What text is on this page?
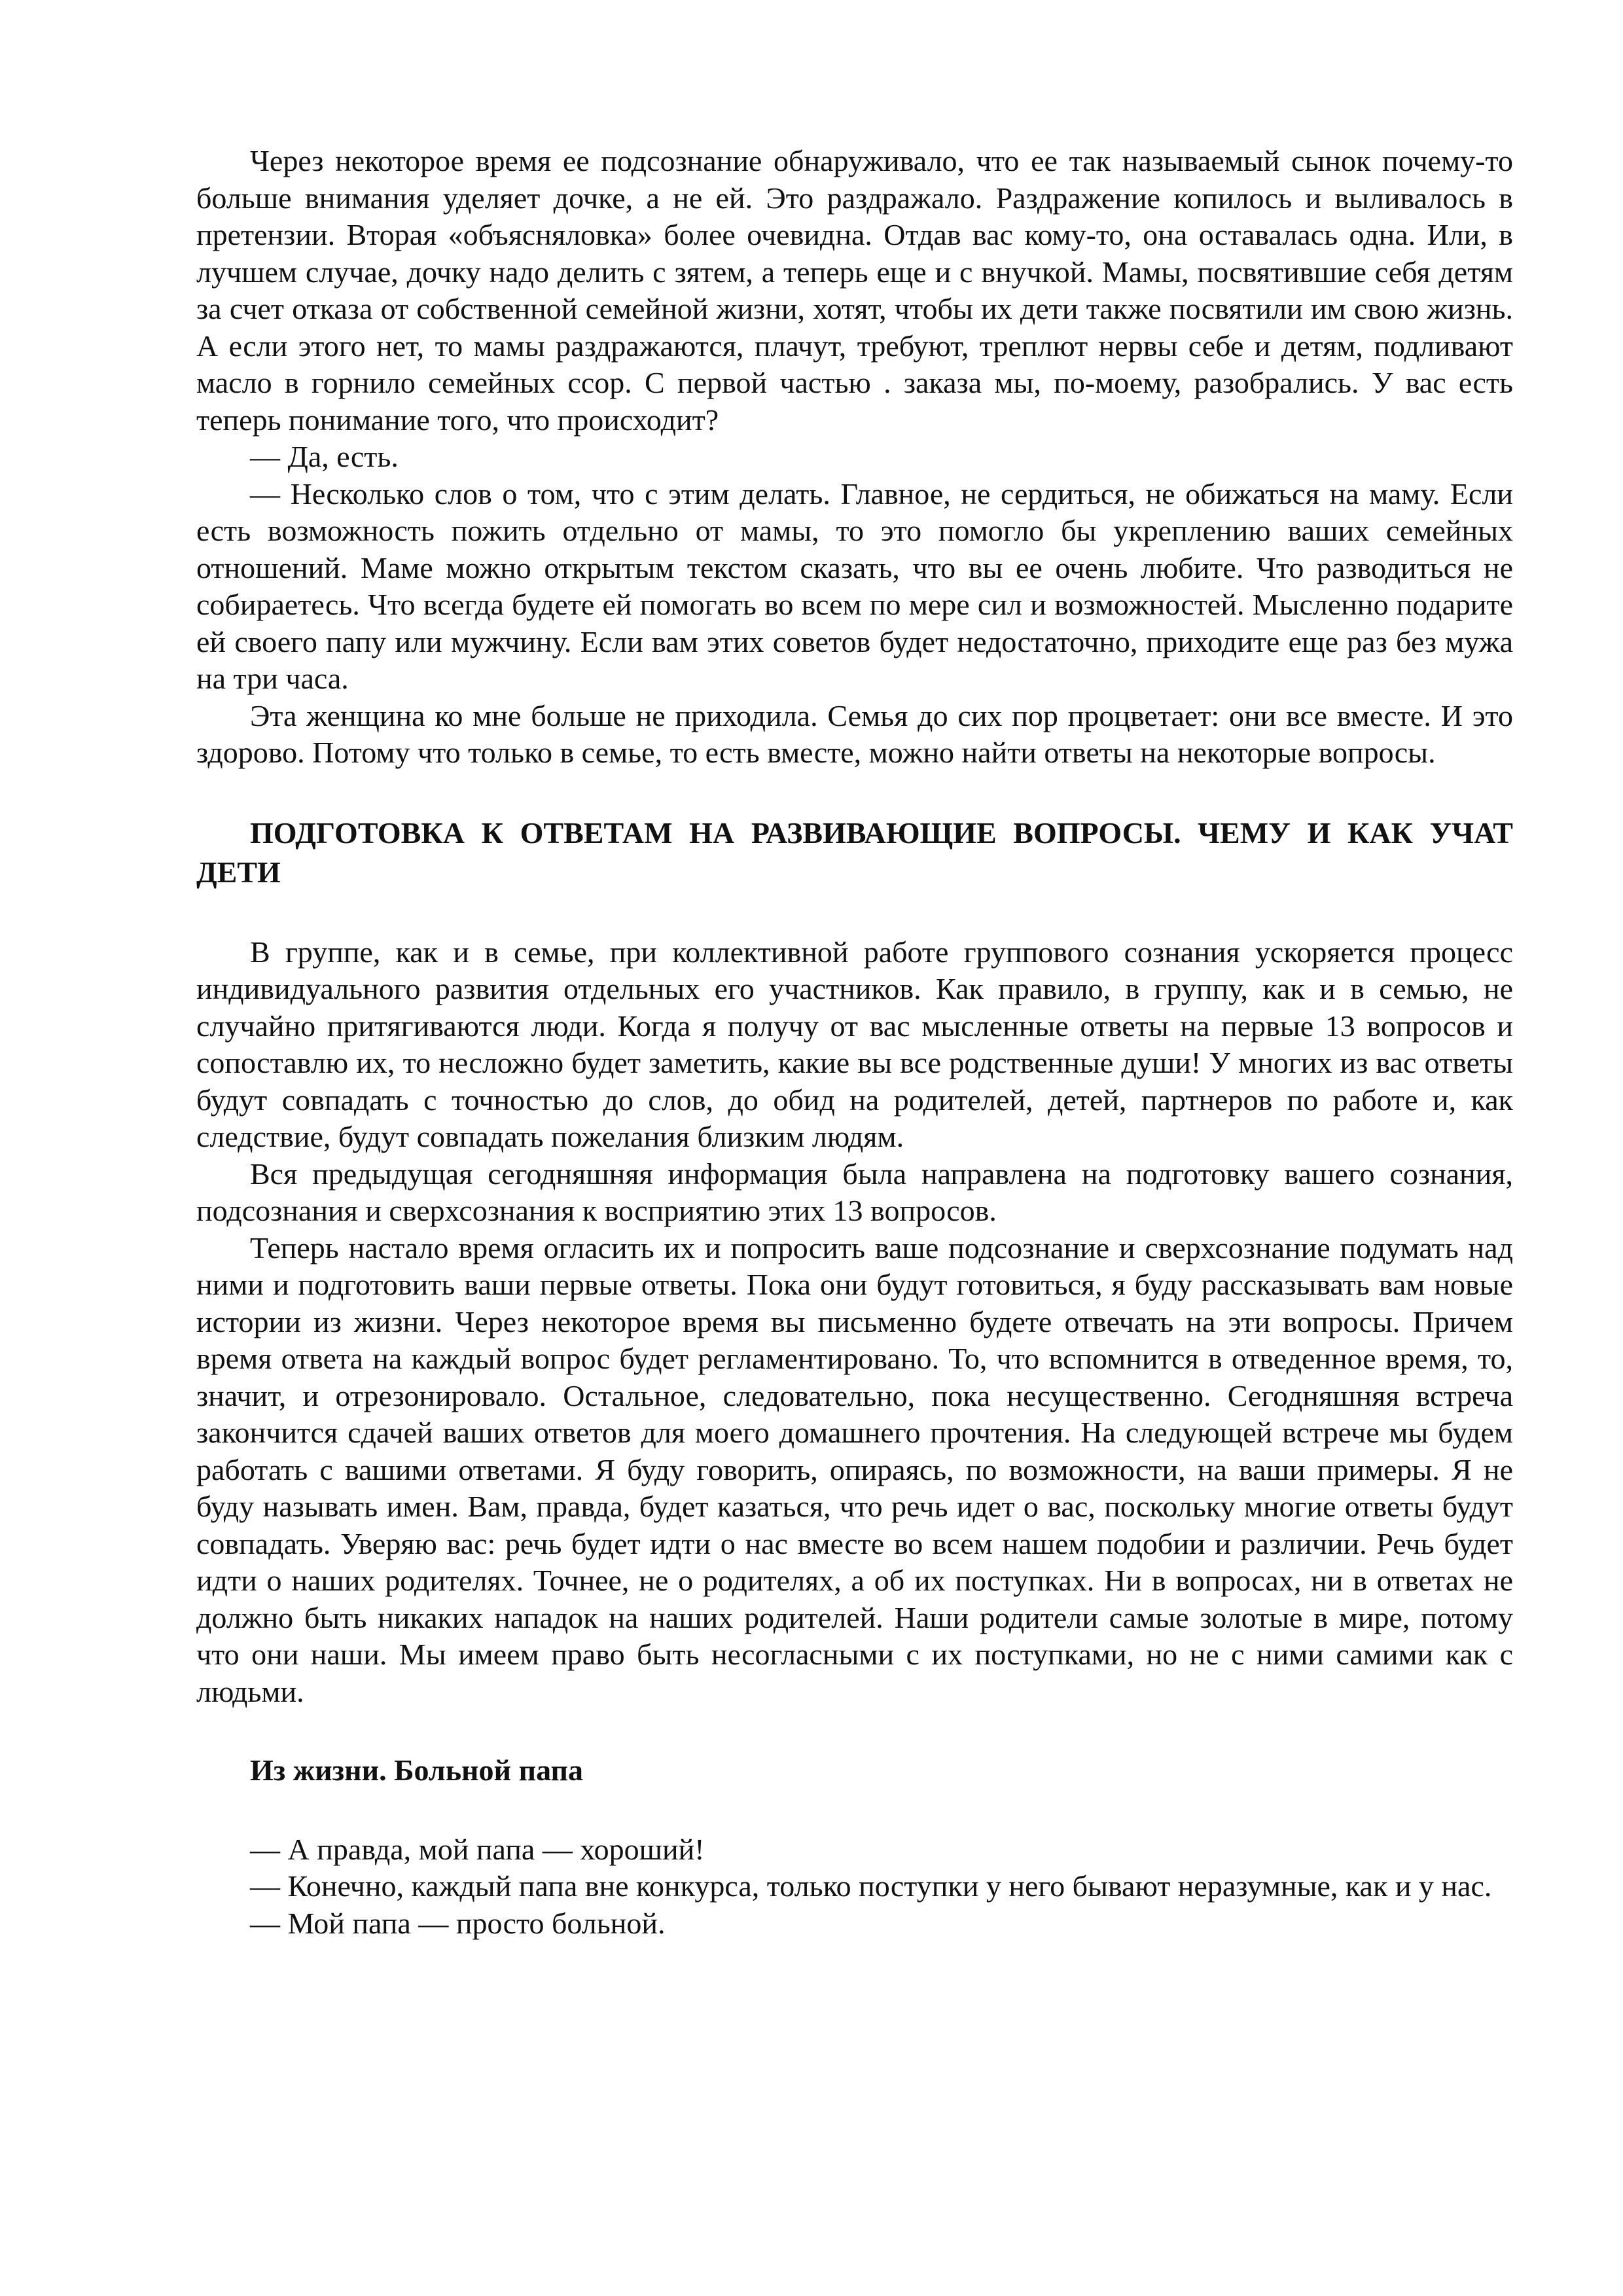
Через некоторое время ее подсознание обнаруживало, что ее так называемый сынок почему-то больше внимания уделяет дочке, а не ей. Это раздражало. Раздражение копилось и выливалось в претензии. Вторая «объясняловка» более очевидна. Отдав вас кому-то, она оставалась одна. Или, в лучшем случае, дочку надо делить с зятем, а теперь еще и с внучкой. Мамы, посвятившие себя детям за счет отказа от собственной семейной жизни, хотят, чтобы их дети также посвятили им свою жизнь. А если этого нет, то мамы раздражаются, плачут, требуют, треплют нервы себе и детям, подливают масло в горнило семейных ссор. С первой частью . заказа мы, по-моему, разобрались. У вас есть теперь понимание того, что происходит?

— Да, есть.

— Несколько слов о том, что с этим делать. Главное, не сердиться, не обижаться на маму. Если есть возможность пожить отдельно от мамы, то это помогло бы укреплению ваших семейных отношений. Маме можно открытым текстом сказать, что вы ее очень любите. Что разводиться не собираетесь. Что всегда будете ей помогать во всем по мере сил и возможностей. Мысленно подарите ей своего папу или мужчину. Если вам этих советов будет недостаточно, приходите еще раз без мужа на три часа.

Эта женщина ко мне больше не приходила. Семья до сих пор процветает: они все вместе. И это здорово. Потому что только в семье, то есть вместе, можно найти ответы на некоторые вопросы.

ПОДГОТОВКА К ОТВЕТАМ НА РАЗВИВАЮЩИЕ ВОПРОСЫ. ЧЕМУ И КАК УЧАТ ДЕТИ

В группе, как и в семье, при коллективной работе группового сознания ускоряется процесс индивидуального развития отдельных его участников. Как правило, в группу, как и в семью, не случайно притягиваются люди. Когда я получу от вас мысленные ответы на первые 13 вопросов и сопоставлю их, то несложно будет заметить, какие вы все родственные души! У многих из вас ответы будут совпадать с точностью до слов, до обид на родителей, детей, партнеров по работе и, как следствие, будут совпадать пожелания близким людям.

Вся предыдущая сегодняшняя информация была направлена на подготовку вашего сознания, подсознания и сверхсознания к восприятию этих 13 вопросов.

Теперь настало время огласить их и попросить ваше подсознание и сверхсознание подумать над ними и подготовить ваши первые ответы. Пока они будут готовиться, я буду рассказывать вам новые истории из жизни. Через некоторое время вы письменно будете отвечать на эти вопросы. Причем время ответа на каждый вопрос будет регламентировано. То, что вспомнится в отведенное время, то, значит, и отрезонировало. Остальное, следовательно, пока несущественно. Сегодняшняя встреча закончится сдачей ваших ответов для моего домашнего прочтения. На следующей встрече мы будем работать с вашими ответами. Я буду говорить, опираясь, по возможности, на ваши примеры. Я не буду называть имен. Вам, правда, будет казаться, что речь идет о вас, поскольку многие ответы будут совпадать. Уверяю вас: речь будет идти о нас вместе во всем нашем подобии и различии. Речь будет идти о наших родителях. Точнее, не о родителях, а об их поступках. Ни в вопросах, ни в ответах не должно быть никаких нападок на наших родителей. Наши родители самые золотые в мире, потому что они наши. Мы имеем право быть несогласными с их поступками, но не с ними самими как с людьми.

Из жизни. Больной папа

— А правда, мой папа — хороший!

— Конечно, каждый папа вне конкурса, только поступки у него бывают неразумные, как и у нас.

— Мой папа — просто больной.
